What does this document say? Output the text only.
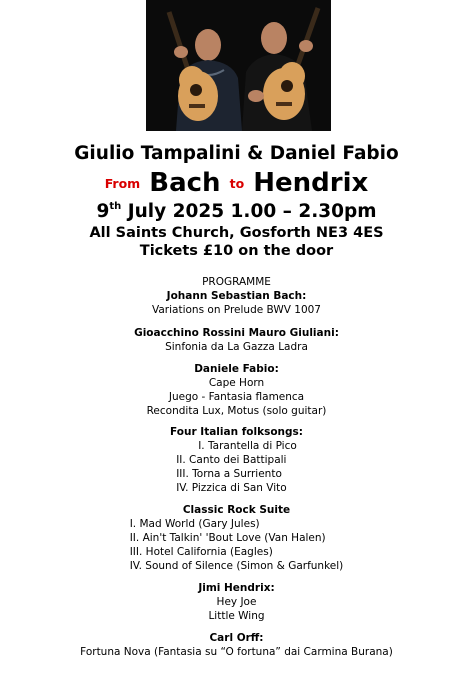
Giulio Tampalini & Daniel Fabio
From Bach to Hendrix
9th July 2025 1.00 – 2.30pm
All Saints Church, Gosforth NE3 4ES
Tickets £10 on the door
PROGRAMME
Johann Sebastian Bach:
Variations on Prelude BWV 1007
Gioacchino Rossini Mauro Giuliani:
Sinfonia da La Gazza Ladra
Daniele Fabio:
Cape Horn
Juego - Fantasia flamenca
Recondita Lux, Motus (solo guitar)
Four Italian folksongs:
I. Tarantella di Pico
II. Canto dei Battipali
III. Torna a Surriento
IV. Pizzica di San Vito
Classic Rock Suite
I. Mad World (Gary Jules)
II. Ain't Talkin' 'Bout Love (Van Halen)
III. Hotel California (Eagles)
IV. Sound of Silence (Simon & Garfunkel)
Jimi Hendrix:
Hey Joe
Little Wing
Carl Orff:
Fortuna Nova (Fantasia su “O fortuna” dai Carmina Burana)
